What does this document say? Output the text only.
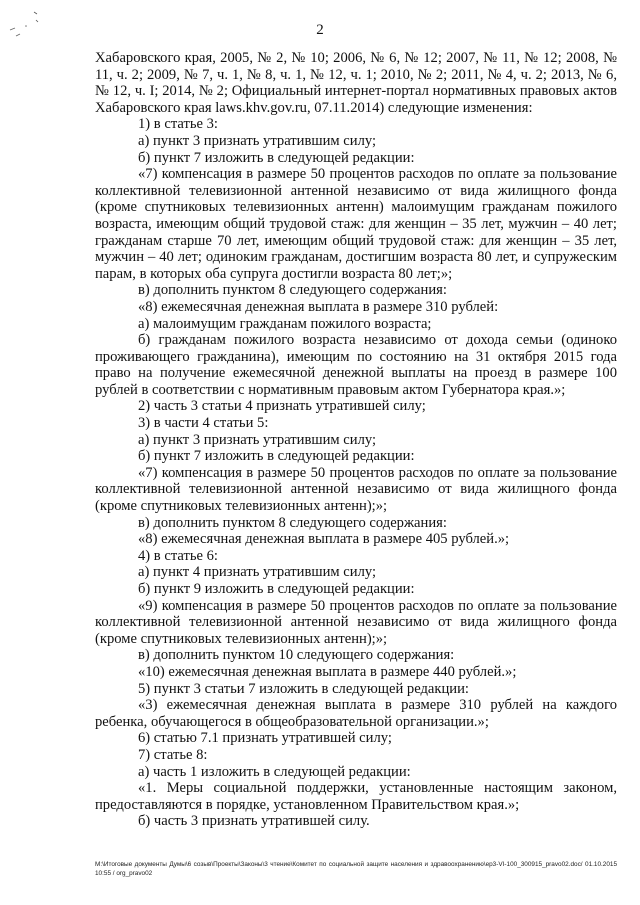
2

Хабаровского края, 2005, № 2, № 10; 2006, № 6, № 12; 2007, № 11, № 12; 2008, № 11, ч. 2; 2009, № 7, ч. 1, № 8, ч. 1, № 12, ч. 1; 2010, № 2; 2011, № 4, ч. 2; 2013, № 6, № 12, ч. I; 2014, № 2; Официальный интернет-портал нормативных правовых актов Хабаровского края laws.khv.gov.ru, 07.11.2014) следующие изменения:

1) в статье 3:

а) пункт 3 признать утратившим силу;

б) пункт 7 изложить в следующей редакции:

«7) компенсация в размере 50 процентов расходов по оплате за пользование коллективной телевизионной антенной независимо от вида жилищного фонда (кроме спутниковых телевизионных антенн) малоимущим гражданам пожилого возраста, имеющим общий трудовой стаж: для женщин – 35 лет, мужчин – 40 лет; гражданам старше 70 лет, имеющим общий трудовой стаж: для женщин – 35 лет, мужчин – 40 лет; одиноким гражданам, достигшим возраста 80 лет, и супружеским парам, в которых оба супруга достигли возраста 80 лет;»;

в) дополнить пунктом 8 следующего содержания:

«8) ежемесячная денежная выплата в размере 310 рублей:

а) малоимущим гражданам пожилого возраста;

б) гражданам пожилого возраста независимо от дохода семьи (одиноко проживающего гражданина), имеющим по состоянию на 31 октября 2015 года право на получение ежемесячной денежной выплаты на проезд в размере 100 рублей в соответствии с нормативным правовым актом Губернатора края.»;

2) часть 3 статьи 4 признать утратившей силу;

3) в части 4 статьи 5:

а) пункт 3 признать утратившим силу;

б) пункт 7 изложить в следующей редакции:

«7) компенсация в размере 50 процентов расходов по оплате за пользование коллективной телевизионной антенной независимо от вида жилищного фонда (кроме спутниковых телевизионных антенн);»;

в) дополнить пунктом 8 следующего содержания:

«8) ежемесячная денежная выплата в размере 405 рублей.»;

4) в статье 6:

а) пункт 4 признать утратившим силу;

б) пункт 9 изложить в следующей редакции:

«9) компенсация в размере 50 процентов расходов по оплате за пользование коллективной телевизионной антенной независимо от вида жилищного фонда (кроме спутниковых телевизионных антенн);»;

в) дополнить пунктом 10 следующего содержания:

«10) ежемесячная денежная выплата в размере 440 рублей.»;

5) пункт 3 статьи 7 изложить в следующей редакции:

«3) ежемесячная денежная выплата в размере 310 рублей на каждого ребенка, обучающегося в общеобразовательной организации.»;

6) статью 7.1 признать утратившей силу;

7) статье 8:

а) часть 1 изложить в следующей редакции:

«1. Меры социальной поддержки, установленные настоящим законом, предоставляются в порядке, установленном Правительством края.»;

б) часть 3 признать утратившей силу.

M:\Итоговые документы Думы\6 созыв\Проекты\Законы\3 чтение\Комитет по социальной защите населения и здравоохранению\ep3-VI-100_300915_pravo02.doc/ 01.10.2015 10:55 / org_pravo02
